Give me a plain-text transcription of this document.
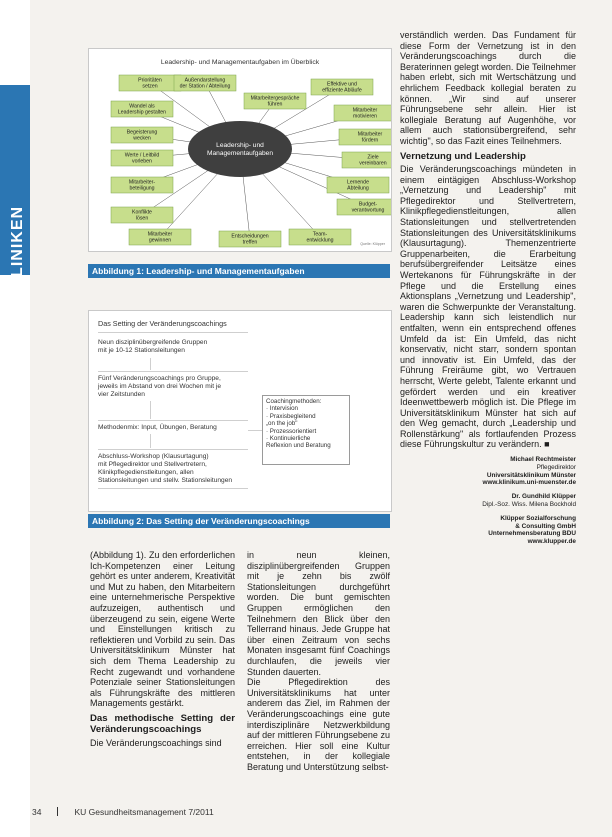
UNIKLINIKEN
Leadership- und Managementaufgaben im Überblick
Prioritäten
setzen
Außendarstellung
der Station / Abteilung
Mitarbeitergespräche
führen
Effektive und
effiziente Abläufe
Wandel als
Leadership gestalten	Mitarbeiter
motivieren
Begeisterung
wecken
Mitarbeiter
fördern
Werte / Leitbild
vorleben
Ziele
vereinbaren
Mitarbeiter-
beteiligung
Lernende
Abteilung
Konflikte
lösen
Budget-
verantwortung
Mitarbeiter
gewinnen
Entscheidungen
treffen
Team-
entwicklung
Leadership- und
Managementaufgaben
Quelle: Klüpper
Abbildung 1: Leadership- und Managementaufgaben
Das Setting der Veränderungscoachings
Neun disziplinübergreifende Gruppen
mit je 10-12 Stationsleitungen
Fünf Veränderungscoachings pro Gruppe,
jeweils im Abstand von drei Wochen mit je
vier Zeitstunden
Methodenmix: Input, Übungen, Beratung
Abschluss-Workshop (Klausurtagung)
mit Pflegedirektor und Stellvertretern,
Klinikpflegedienstleitungen, allen
Stationsleitungen und stellv. Stationsleitungen
Coachingmethoden:
· Intervision
· Praxisbegleitend
„on the job"
· Prozessorientiert
· Kontinuierliche
Reflexion und Beratung
Abbildung 2: Das Setting der Veränderungscoachings

(Abbildung 1). Zu den erforderlichen Ich-Kompetenzen einer Leitung gehört es unter anderem, Kreativität und Mut zu haben, den Mitarbeitern eine unternehmerische Perspektive aufzuzeigen, authentisch und überzeugend zu sein, eigene Werte und Einstellungen kritisch zu reflektieren und Vorbild zu sein. Das Universitätsklinikum Münster hat sich dem Thema Leadership zu Recht zugewandt und vorhandene Potenziale seiner Stationsleitungen als Führungskräfte des mittleren Managements gestärkt.

Das methodische Setting der Veränderungscoachings

Die Veränderungscoachings sind

in neun kleinen, disziplinübergreifenden Gruppen mit je zehn bis zwölf Stationsleitungen durchgeführt worden. Die bunt gemischten Gruppen ermöglichen den Teilnehmern den Blick über den Tellerrand hinaus. Jede Gruppe hat über einen Zeitraum von sechs Monaten insgesamt fünf Coachings durchlaufen, die jeweils vier Stunden dauerten.

Die Pflegedirektion des Universitätsklinikums hat unter anderem das Ziel, im Rahmen der Veränderungscoachings eine gute interdisziplinäre Netzwerkbildung auf der mittleren Führungsebene zu erreichen. Hier soll eine Kultur entstehen, in der kollegiale Beratung und Unterstützung selbst-

verständlich werden. Das Fundament für diese Form der Vernetzung ist in den Veränderungscoachings durch die Beraterinnen gelegt worden. Die Teilnehmer haben erlebt, sich mit Wertschätzung und ehrlichem Feedback kollegial beraten zu können. „Wir sind auf unserer Führungsebene sehr allein. Hier ist kollegiale Beratung auf Augenhöhe, vor allem auch stationsübergreifend, sehr wichtig", so das Fazit eines Teilnehmers.

Vernetzung und Leadership

Die Veränderungscoachings mündeten in einem eintägigen Abschluss-Workshop „Vernetzung und Leadership" mit Pflegedirektor und Stellvertretern, Klinikpflegedienstleitungen, allen Stationsleitungen und stellvertretenden Stationsleitungen des Universitätsklinikums (Klausurtagung). Themenzentrierte Gruppenarbeiten, die Erarbeitung berufsübergreifender Leitsätze eines Wertekanons für Führungskräfte in der Pflege und die Erstellung eines Aktionsplans „Vernetzung und Leadership", waren die Schwerpunkte der Veranstaltung. Leadership kann sich leistendlich nur entfalten, wenn ein entsprechend offenes Umfeld da ist: Ein Umfeld, das nicht konservativ, nicht starr, sondern spontan und innovativ ist. Ein Umfeld, das der Führung Freiräume gibt, wo Vertrauen herrscht, Werte gelebt, Talente erkannt und gefördert werden und ein kreativer Ideenwettbewerb möglich ist. Die Pflege im Universitätsklinikum Münster hat sich auf den Weg gemacht, durch „Leadership und Rollenstärkung" als fortlaufenden Prozess diese Führungskultur zu verändern. ■

Michael Rechtmeister
Pflegedirektor
Universitätsklinikum Münster
www.klinikum.uni-muenster.de
Dr. Gundhild Klüpper
Dipl.-Soz. Wiss. Milena Bockhold
Klüpper Sozialforschung
& Consulting GmbH
Unternehmensberatung BDU
www.klupper.de
34	KU Gesundheitsmanagement 7/2011
